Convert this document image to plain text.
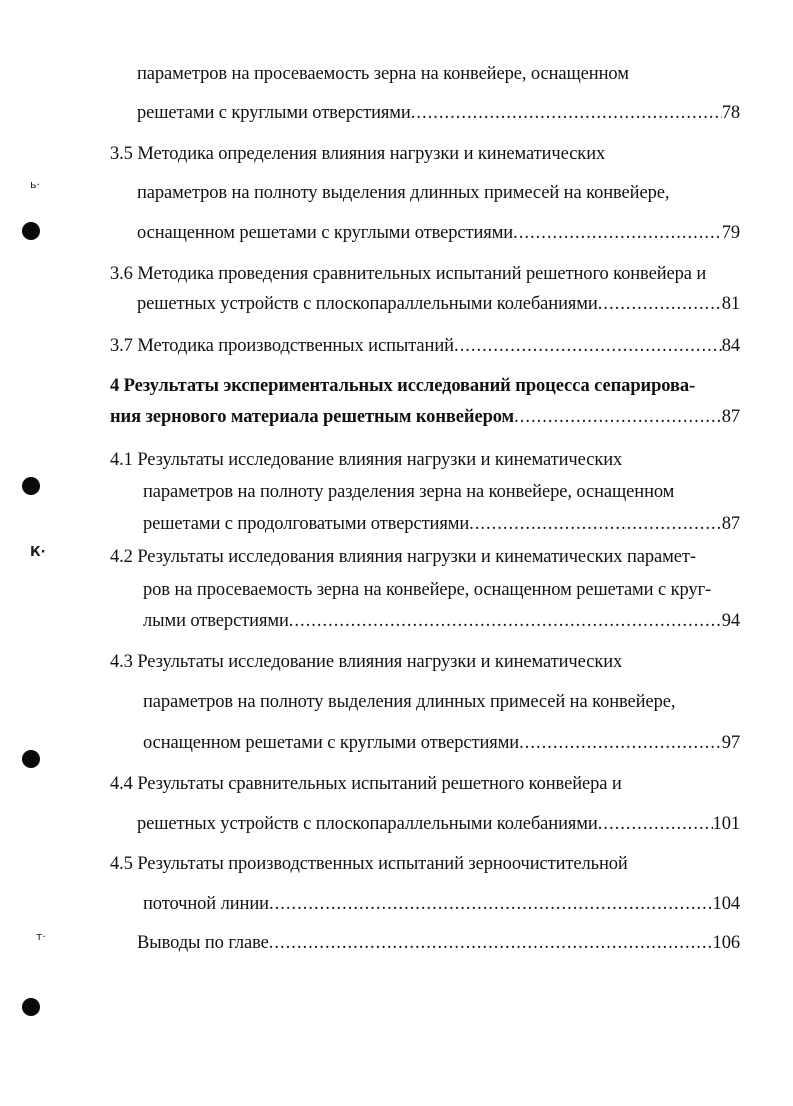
ь·
К·
т·
параметров на просеваемость зерна на конвейере, оснащенном
решетами с круглыми отверстиями .....	78
3.5 Методика определения влияния нагрузки и кинематических
параметров на полноту выделения длинных примесей на конвейере,
оснащенном решетами с круглыми отверстиями .....	79
3.6 Методика проведения сравнительных испытаний решетного конвейера и
решетных устройств с плоскопараллельными колебаниями .....	81
3.7 Методика производственных испытаний .....	84
4 Результаты экспериментальных исследований процесса сепарирова-
ния зернового материала решетным конвейером .....	87
4.1 Результаты исследование влияния нагрузки и кинематических
параметров на полноту разделения зерна на конвейере, оснащенном
решетами с продолговатыми отверстиями .....	87
4.2 Результаты исследования влияния нагрузки и кинематических парамет-
ров на просеваемость зерна на конвейере, оснащенном решетами с круг-
лыми отверстиями .....	94
4.3 Результаты исследование влияния нагрузки и кинематических
параметров на полноту выделения длинных примесей на конвейере,
оснащенном решетами с круглыми отверстиями .....	97
4.4 Результаты сравнительных испытаний решетного конвейера и
решетных устройств с плоскопараллельными колебаниями .....	101
4.5 Результаты производственных испытаний зерноочистительной
поточной линии .....	104
Выводы по главе .....	106
